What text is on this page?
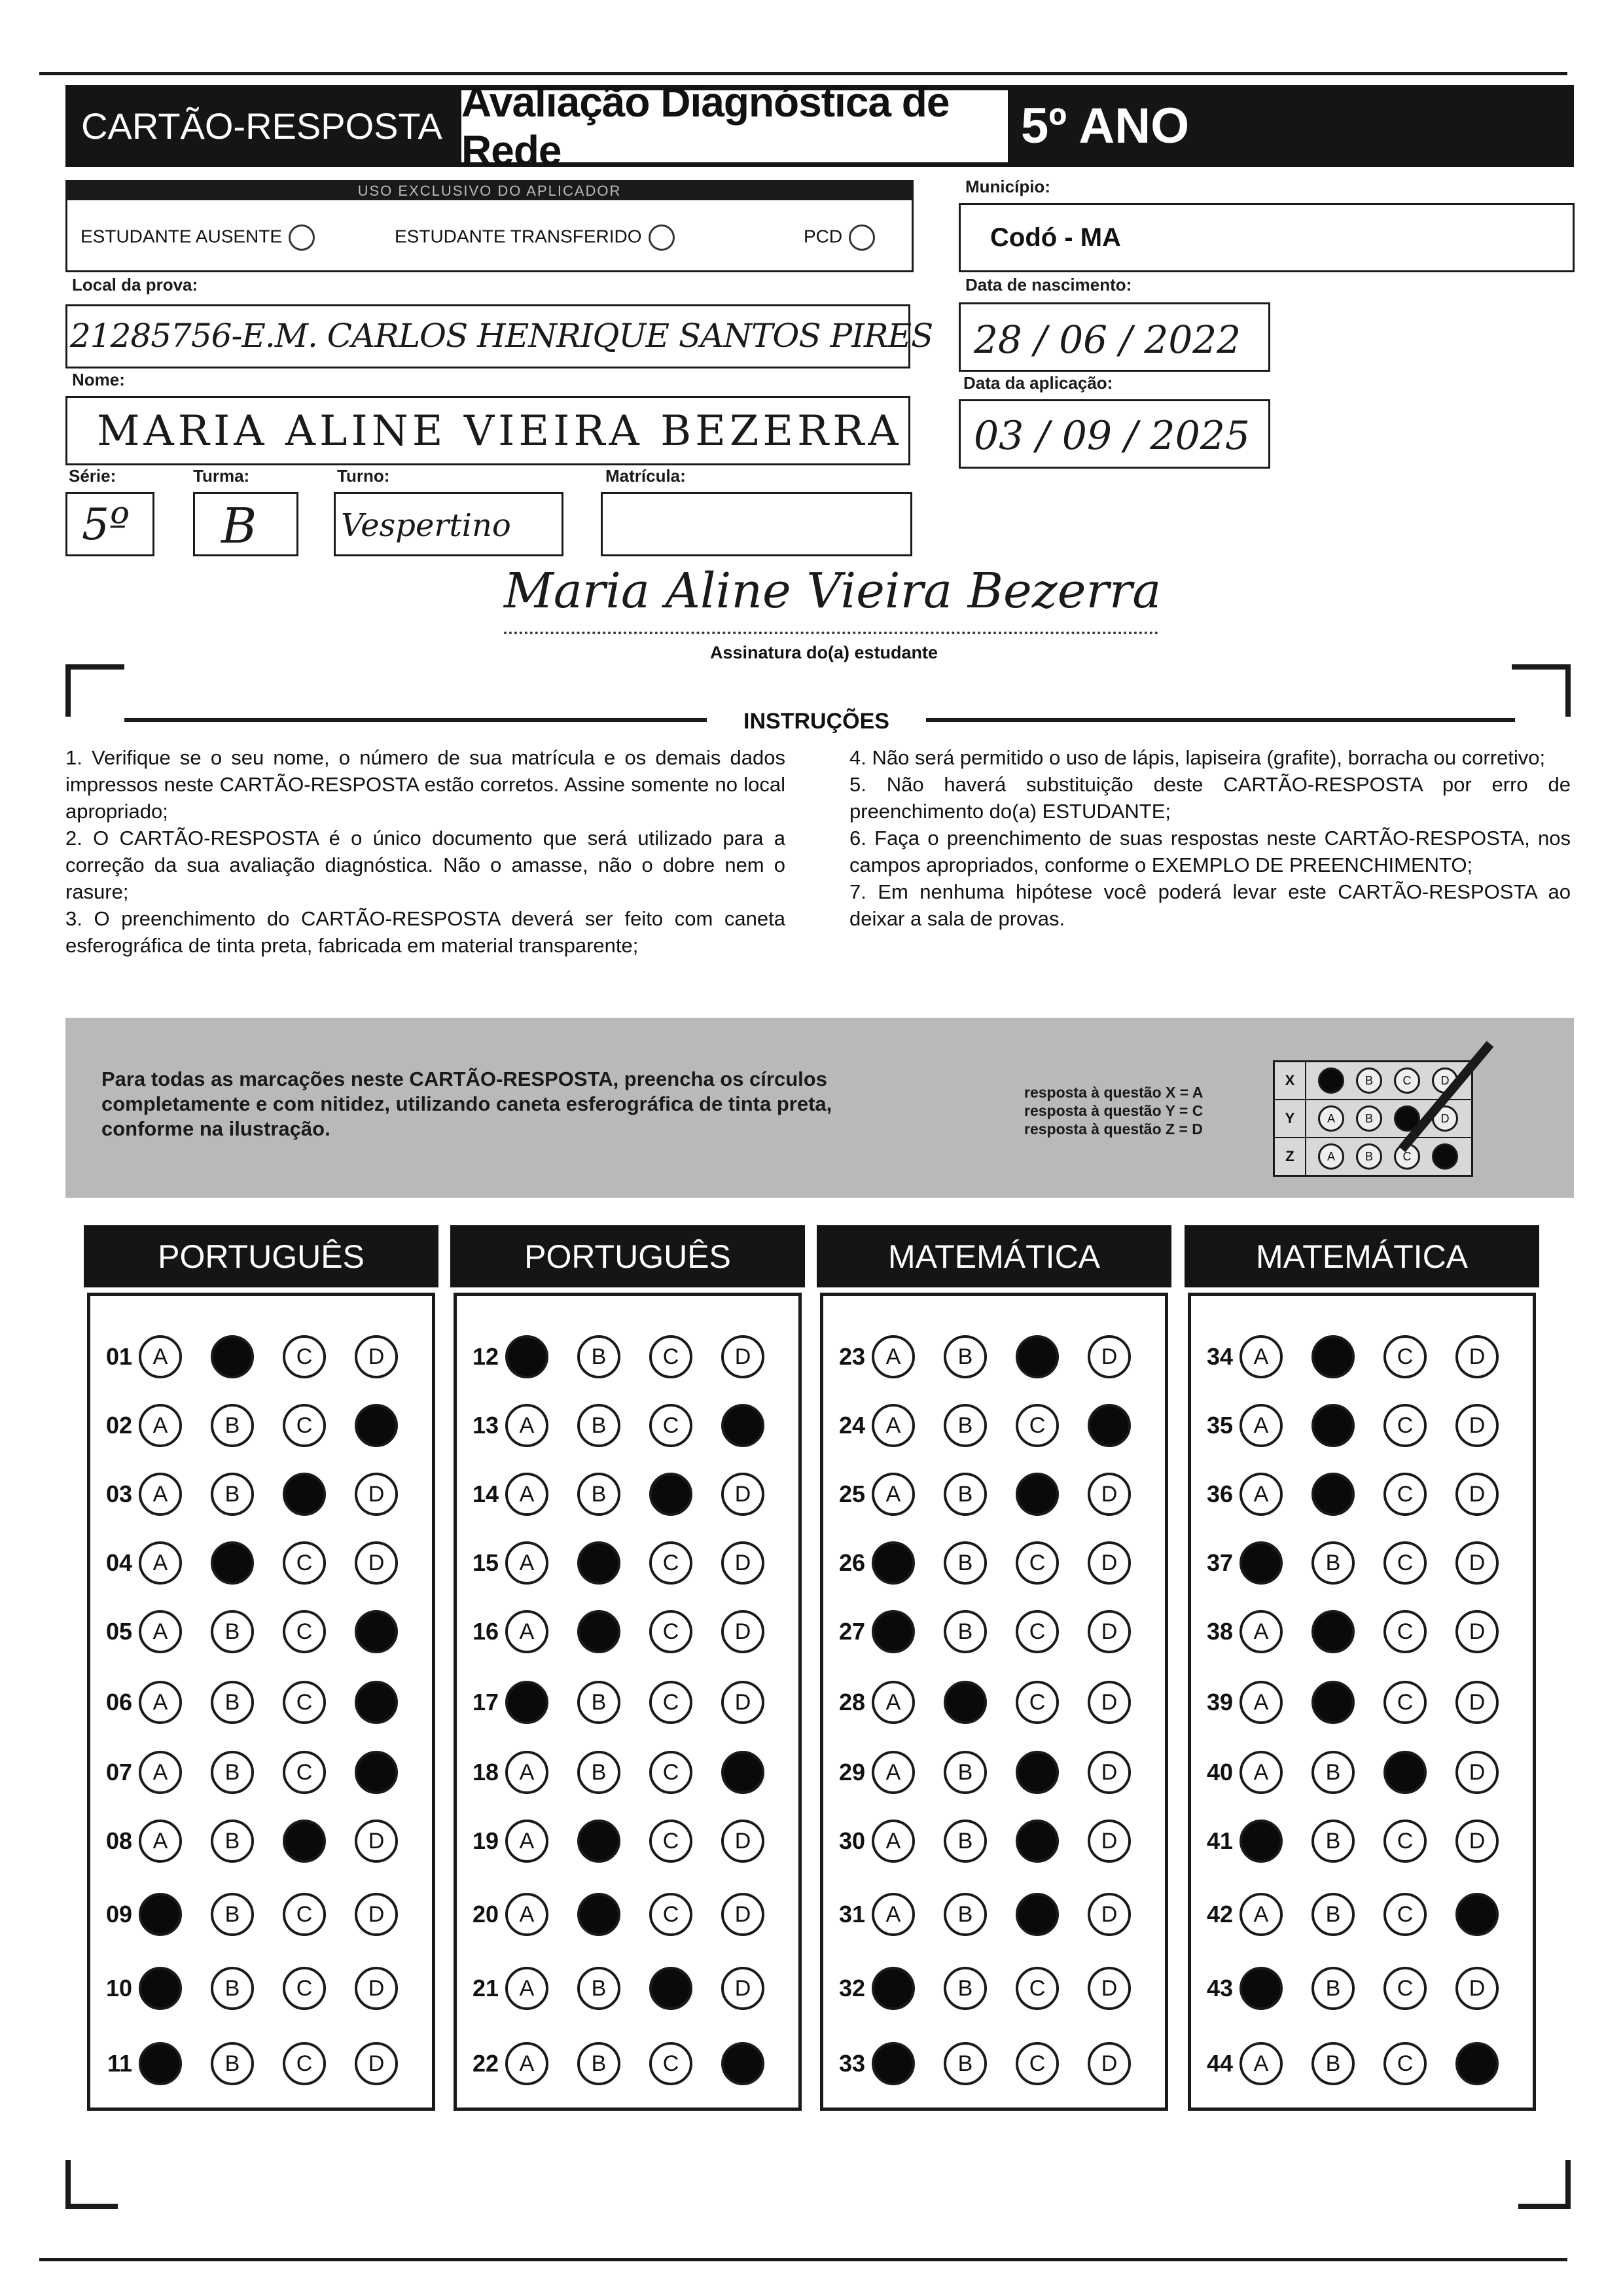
CARTÃO-RESPOSTA
Avaliação Diagnóstica de Rede	5º ANO
USO EXCLUSIVO DO APLICADOR
ESTUDANTE AUSENTE	ESTUDANTE TRANSFERIDO	PCD
Município:
Codó - MA
Local da prova:
21285756-E.M. CARLOS HENRIQUE SANTOS PIRES
Data de nascimento:
28 / 06 / 2022
Nome:
MARIA ALINE VIEIRA BEZERRA
Data da aplicação:
03 / 09 / 2025
Série:
5º
Turma:
B
Turno:
Vespertino
Matrícula:
Maria Aline Vieira Bezerra
Assinatura do(a) estudante
INSTRUÇÕES

1. Verifique se o seu nome, o número de sua matrícula e os demais dados impressos neste CARTÃO-RESPOSTA estão corretos. Assine somente no local apropriado;

2. O CARTÃO-RESPOSTA é o único documento que será utilizado para a correção da sua avaliação diagnóstica. Não o amasse, não o dobre nem o rasure;

3. O preenchimento do CARTÃO-RESPOSTA deverá ser feito com caneta esferográfica de tinta preta, fabricada em material transparente;

4. Não será permitido o uso de lápis, lapiseira (grafite), borracha ou corretivo;

5. Não haverá substituição deste CARTÃO-RESPOSTA por erro de preenchimento do(a) ESTUDANTE;

6. Faça o preenchimento de suas respostas neste CARTÃO-RESPOSTA, nos campos apropriados, conforme o EXEMPLO DE PREENCHIMENTO;

7. Em nenhuma hipótese você poderá levar este CARTÃO-RESPOSTA ao deixar a sala de provas.

Para todas as marcações neste CARTÃO-RESPOSTA, preencha os círculos completamente e com nitidez, utilizando caneta esferográfica de tinta preta, conforme na ilustração.
resposta à questão X = A
resposta à questão Y = C
resposta à questão Z = D
X	A	B	C	D
Y	A	B	C	D
Z	A	B	C	D
PORTUGUÊS
01 A	B	C	D
02 A	B	C	D
03 A	B	C	D
04 A	B	C	D
05 A	B	C	D
06 A	B	C	D
07 A	B	C	D
08 A	B	C	D
09 A	B	C	D
10 A	B	C	D
11 A	B	C	D
PORTUGUÊS
12 A	B	C	D
13 A	B	C	D
14 A	B	C	D
15 A	B	C	D
16 A	B	C	D
17 A	B	C	D
18 A	B	C	D
19 A	B	C	D
20 A	B	C	D
21 A	B	C	D
22 A	B	C	D
MATEMÁTICA
23 A	B	C	D
24 A	B	C	D
25 A	B	C	D
26 A	B	C	D
27 A	B	C	D
28 A	B	C	D
29 A	B	C	D
30 A	B	C	D
31 A	B	C	D
32 A	B	C	D
33 A	B	C	D
MATEMÁTICA
34 A	B	C	D
35 A	B	C	D
36 A	B	C	D
37 A	B	C	D
38 A	B	C	D
39 A	B	C	D
40 A	B	C	D
41 A	B	C	D
42 A	B	C	D
43 A	B	C	D
44 A	B	C	D
